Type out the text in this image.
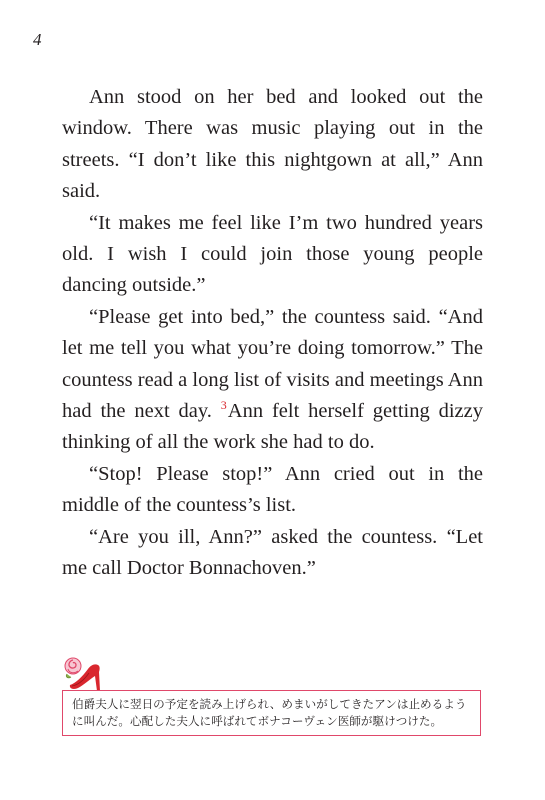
4

Ann stood on her bed and looked out the window. There was music playing out in the streets. “I don’t like this nightgown at all,” Ann said.

“It makes me feel like I’m two hundred years old. I wish I could join those young people dancing outside.”

“Please get into bed,” the countess said. “And let me tell you what you’re doing tomorrow.” The countess read a long list of visits and meetings Ann had the next day. $^3$Ann felt herself getting dizzy thinking of all the work she had to do.

“Stop! Please stop!” Ann cried out in the middle of the countess’s list.

“Are you ill, Ann?” asked the countess. “Let me call Doctor Bonnachoven.”

伯爵夫人に翌日の予定を読み上げられ、めまいがしてきたアンは止めるように叫んだ。心配した夫人に呼ばれてボナコーヴェン医師が駆けつけた。
